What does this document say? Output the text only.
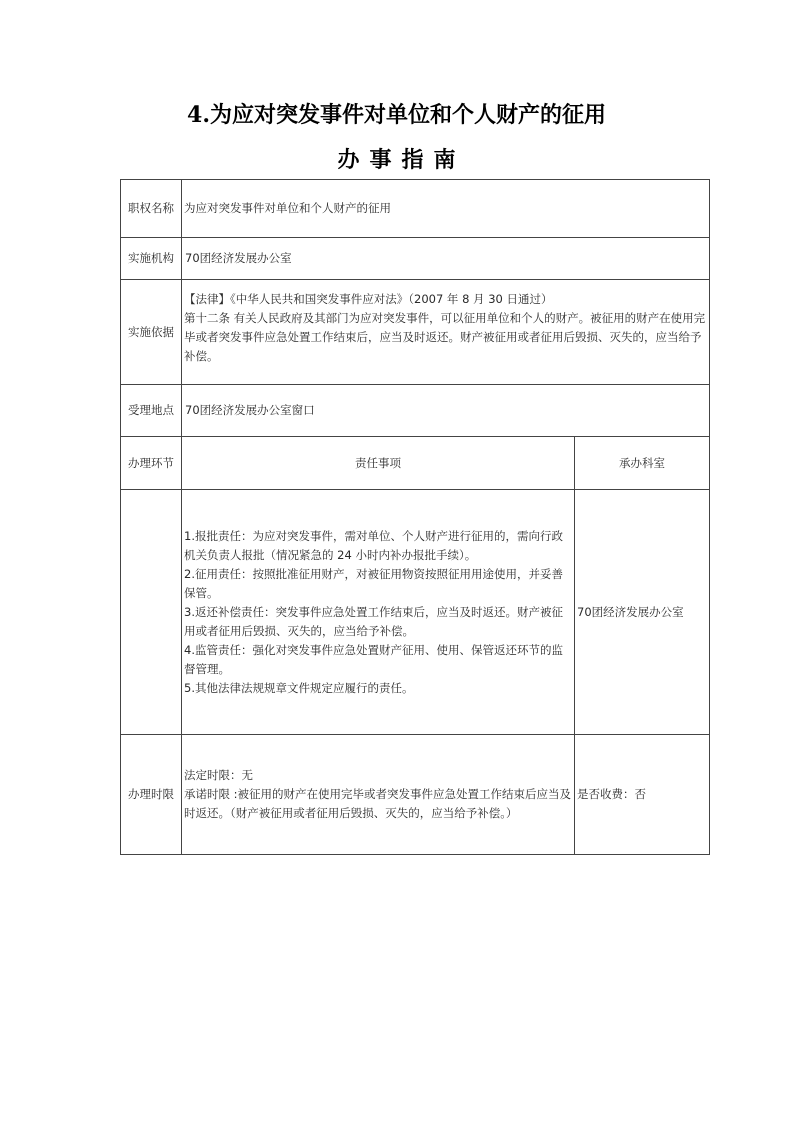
4.为应对突发事件对单位和个人财产的征用
办事指南
职权名称	为应对突发事件对单位和个人财产的征用	
实施机构	70团经济发展办公室	
实施依据	【法律】《中华人民共和国突发事件应对法》（2007 年 8 月 30 日通过）
第十二条 有关人民政府及其部门为应对突发事件，可以征用单位和个人的财产。被征用的财产在使用完毕或者突发事件应急处置工作结束后，应当及时返还。财产被征用或者征用后毁损、灭失的，应当给予补偿。	

受理地点	70团经济发展办公室窗口	
办理环节	责任事项	承办科室

	1.报批责任：为应对突发事件，需对单位、个人财产进行征用的，需向行政机关负责人报批（情况紧急的 24 小时内补办报批手续）。
2.征用责任：按照批准征用财产，对被征用物资按照征用用途使用，并妥善保管。
3.返还补偿责任：突发事件应急处置工作结束后，应当及时返还。财产被征用或者征用后毁损、灭失的，应当给予补偿。
4.监管责任：强化对突发事件应急处置财产征用、使用、保管返还环节的监督管理。
5.其他法律法规规章文件规定应履行的责任。	70团经济发展办公室
办理时限	法定时限：无
承诺时限 :被征用的财产在使用完毕或者突发事件应急处置工作结束后应当及时返还。（财产被征用或者征用后毁损、灭失的，应当给予补偿。）	是否收费：否
